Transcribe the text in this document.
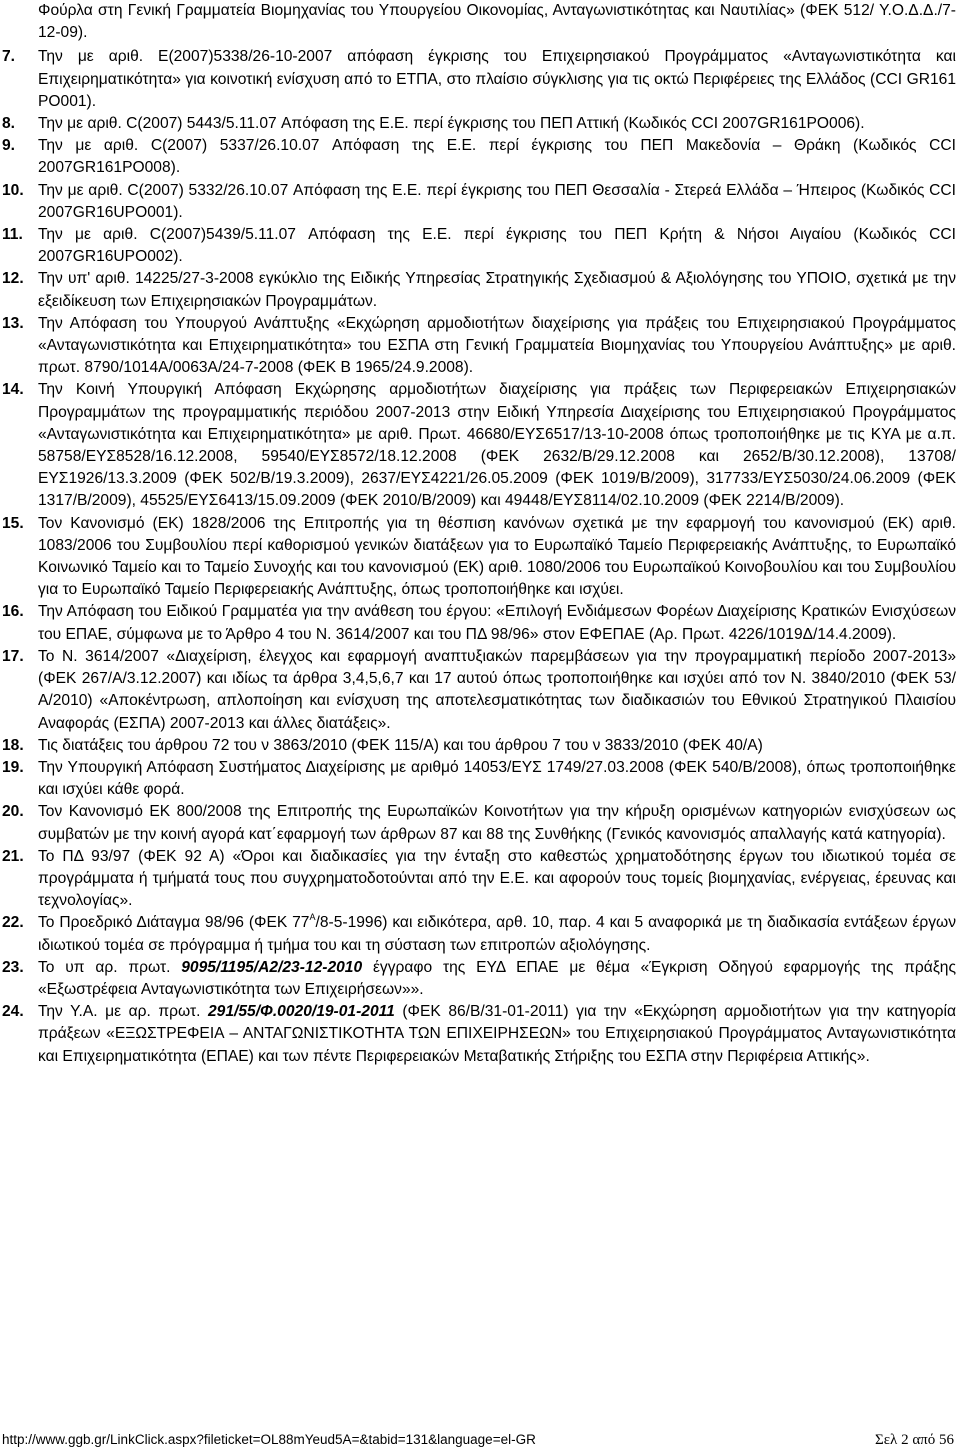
Φούρλα στη Γενική Γραμματεία Βιομηχανίας του Υπουργείου Οικονομίας, Ανταγωνιστικότητας και Ναυτιλίας» (ΦΕΚ 512/ Υ.Ο.Δ.Δ./7-12-09).

7.	Την με αριθ. Ε(2007)5338/26-10-2007 απόφαση έγκρισης του Επιχειρησιακού Προγράμματος «Ανταγωνιστικότητα και Επιχειρηματικότητα» για κοινοτική ενίσχυση από το ΕΤΠΑ, στο πλαίσιο σύγκλισης για τις οκτώ Περιφέρειες της Ελλάδος (CCI GR161 PO001).
8.	Την με αριθ. C(2007) 5443/5.11.07 Απόφαση της Ε.Ε. περί έγκρισης του ΠΕΠ Αττική (Κωδικός CCI 2007GR161PO006).
9.	Την με αριθ. C(2007) 5337/26.10.07 Απόφαση της Ε.Ε. περί έγκρισης του ΠΕΠ Μακεδονία – Θράκη (Κωδικός CCI 2007GR161PO008).
10. Την με αριθ. C(2007) 5332/26.10.07 Απόφαση της Ε.Ε. περί έγκρισης του ΠΕΠ Θεσσαλία - Στερεά Ελλάδα – Ήπειρος (Κωδικός CCI 2007GR16UPO001).
11. Την με αριθ. C(2007)5439/5.11.07 Απόφαση της Ε.Ε. περί έγκρισης του ΠΕΠ Κρήτη & Νήσοι Αιγαίου (Κωδικός CCI 2007GR16UPO002).
12. Την υπ' αριθ. 14225/27-3-2008 εγκύκλιο της Ειδικής Υπηρεσίας Στρατηγικής Σχεδιασμού & Αξιολόγησης του ΥΠΟΙΟ, σχετικά με την εξειδίκευση των Επιχειρησιακών Προγραμμάτων.
13. Την Απόφαση του Υπουργού Ανάπτυξης «Εκχώρηση αρμοδιοτήτων διαχείρισης για πράξεις του Επιχειρησιακού Προγράμματος «Ανταγωνιστικότητα και Επιχειρηματικότητα» του ΕΣΠΑ στη Γενική Γραμματεία Βιομηχανίας του Υπουργείου Ανάπτυξης» με αριθ. πρωτ. 8790/1014Α/0063Α/24-7-2008 (ΦΕΚ Β 1965/24.9.2008).
14. Την Κοινή Υπουργική Απόφαση Εκχώρησης αρμοδιοτήτων διαχείρισης για πράξεις των Περιφερειακών Επιχειρησιακών Προγραμμάτων της προγραμματικής περιόδου 2007-2013 στην Ειδική Υπηρεσία Διαχείρισης του Επιχειρησιακού Προγράμματος «Ανταγωνιστικότητα και Επιχειρηματικότητα» με αριθ. Πρωτ. 46680/ΕΥΣ6517/13-10-2008 όπως τροποποιήθηκε με τις ΚΥΑ με α.π. 58758/ΕΥΣ8528/16.12.2008, 59540/ΕΥΣ8572/18.12.2008 (ΦΕΚ 2632/Β/29.12.2008 και 2652/Β/30.12.2008), 13708/ΕΥΣ1926/13.3.2009 (ΦΕΚ 502/Β/19.3.2009), 2637/ΕΥΣ4221/26.05.2009 (ΦΕΚ 1019/Β/2009), 317733/ΕΥΣ5030/24.06.2009 (ΦΕΚ 1317/Β/2009), 45525/ΕΥΣ6413/15.09.2009 (ΦΕΚ 2010/Β/2009) και 49448/ΕΥΣ8114/02.10.2009 (ΦΕΚ 2214/Β/2009).
15. Τον Κανονισμό (ΕΚ) 1828/2006 της Επιτροπής για τη θέσπιση κανόνων σχετικά με την εφαρμογή του κανονισμού (ΕΚ) αριθ. 1083/2006 του Συμβουλίου περί καθορισμού γενικών διατάξεων για το Ευρωπαϊκό Ταμείο Περιφερειακής Ανάπτυξης, το Ευρωπαϊκό Κοινωνικό Ταμείο και το Ταμείο Συνοχής και του κανονισμού (ΕΚ) αριθ. 1080/2006 του Ευρωπαϊκού Κοινοβουλίου και του Συμβουλίου για το Ευρωπαϊκό Ταμείο Περιφερειακής Ανάπτυξης, όπως τροποποιήθηκε και ισχύει.
16. Την Απόφαση του Ειδικού Γραμματέα για την ανάθεση του έργου: «Επιλογή Ενδιάμεσων Φορέων Διαχείρισης Κρατικών Ενισχύσεων του ΕΠΑΕ, σύμφωνα με το Άρθρο 4 του Ν. 3614/2007 και του ΠΔ 98/96» στον ΕΦΕΠΑΕ (Αρ. Πρωτ. 4226/1019Δ/14.4.2009).
17. Το Ν. 3614/2007 «Διαχείριση, έλεγχος και εφαρμογή αναπτυξιακών παρεμβάσεων για την προγραμματική περίοδο 2007-2013» (ΦΕΚ 267/Α/3.12.2007) και ιδίως τα άρθρα 3,4,5,6,7 και 17 αυτού όπως τροποποιήθηκε και ισχύει από τον Ν. 3840/2010 (ΦΕΚ 53/Α/2010) «Αποκέντρωση, απλοποίηση και ενίσχυση της αποτελεσματικότητας των διαδικασιών του Εθνικού Στρατηγικού Πλαισίου Αναφοράς (ΕΣΠΑ) 2007-2013 και άλλες διατάξεις».
18. Τις διατάξεις του άρθρου 72 του ν 3863/2010 (ΦΕΚ 115/Α) και του άρθρου 7 του ν 3833/2010 (ΦΕΚ 40/Α)
19. Την Υπουργική Απόφαση Συστήματος Διαχείρισης με αριθμό 14053/ΕΥΣ 1749/27.03.2008 (ΦΕΚ 540/Β/2008), όπως τροποποιήθηκε και ισχύει κάθε φορά.
20. Τον Κανονισμό ΕΚ 800/2008 της Επιτροπής της Ευρωπαϊκών Κοινοτήτων για την κήρυξη ορισμένων κατηγοριών ενισχύσεων ως συμβατών με την κοινή αγορά κατ΄εφαρμογή των άρθρων 87 και 88 της Συνθήκης (Γενικός κανονισμός απαλλαγής κατά κατηγορία).
21. Το ΠΔ 93/97 (ΦΕΚ 92 Α) «Όροι και διαδικασίες για την ένταξη στο καθεστώς χρηματοδότησης έργων του ιδιωτικού τομέα σε προγράμματα ή τμήματά τους που συγχρηματοδοτούνται από την Ε.Ε. και αφορούν τους τομείς βιομηχανίας, ενέργειας, έρευνας και τεχνολογίας».
22. Το Προεδρικό Διάταγμα 98/96 (ΦΕΚ $77^A/8-5-1996$) και ειδικότερα, αρθ. 10, παρ. 4 και 5 αναφορικά με τη διαδικασία εντάξεων έργων ιδιωτικού τομέα σε πρόγραμμα ή τμήμα του και τη σύσταση των επιτροπών αξιολόγησης.
23. Το υπ αρ. πρωτ. 9095/1195/Α2/23-12-2010 έγγραφο της ΕΥΔ ΕΠΑΕ με θέμα «Έγκριση Οδηγού εφαρμογής της πράξης «Εξωστρέφεια Ανταγωνιστικότητα των Επιχειρήσεων»».
24. Την Υ.Α. με αρ. πρωτ. 291/55/Φ.0020/19-01-2011 (ΦΕΚ 86/Β/31-01-2011) για την «Εκχώρηση αρμοδιοτήτων για την κατηγορία πράξεων «ΕΞΩΣΤΡΕΦΕΙΑ – ΑΝΤΑΓΩΝΙΣΤΙΚΟΤΗΤΑ ΤΩΝ ΕΠΙΧΕΙΡΗΣΕΩΝ» του Επιχειρησιακού Προγράμματος Ανταγωνιστικότητα και Επιχειρηματικότητα (ΕΠΑΕ) και των πέντε Περιφερειακών Μεταβατικής Στήριξης του ΕΣΠΑ στην Περιφέρεια Αττικής».
http://www.ggb.gr/LinkClick.aspx?fileticket=OL88mYeud5A=&tabid=131&language=el-GR	Σελ 2 από 56
